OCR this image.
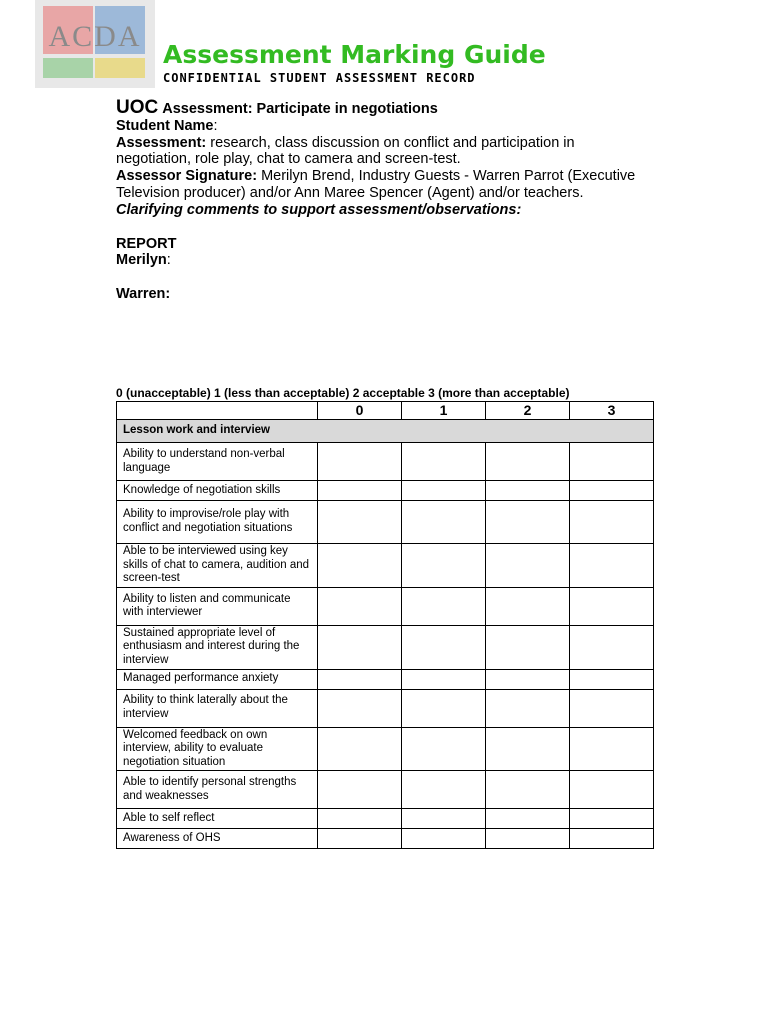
ACDA
Assessment Marking Guide
CONFIDENTIAL STUDENT ASSESSMENT RECORD

UOC Assessment: Participate in negotiations

Student Name:

Assessment: research, class discussion on conflict and participation in negotiation, role play, chat to camera and screen-test.

Assessor Signature: Merilyn Brend, Industry Guests - Warren Parrot (Executive Television producer) and/or Ann Maree Spencer (Agent) and/or teachers.

Clarifying comments to support assessment/observations:

REPORT

Merilyn:

Warren:

0 (unacceptable) 1 (less than acceptable) 2 acceptable 3 (more than acceptable)
	0	1	2	3
Lesson work and interview				
Ability to understand non-verbal language				
Knowledge of negotiation skills				
Ability to improvise/role play with conflict and negotiation situations				
Able to be interviewed using key skills of chat to camera, audition and screen-test				
Ability to listen and communicate with interviewer				
Sustained appropriate level of enthusiasm and interest during the interview				
Managed performance anxiety				
Ability to think laterally about the interview				
Welcomed feedback on own interview, ability to evaluate negotiation situation				
Able to identify personal strengths and weaknesses				
Able to self reflect				
Awareness of OHS				
